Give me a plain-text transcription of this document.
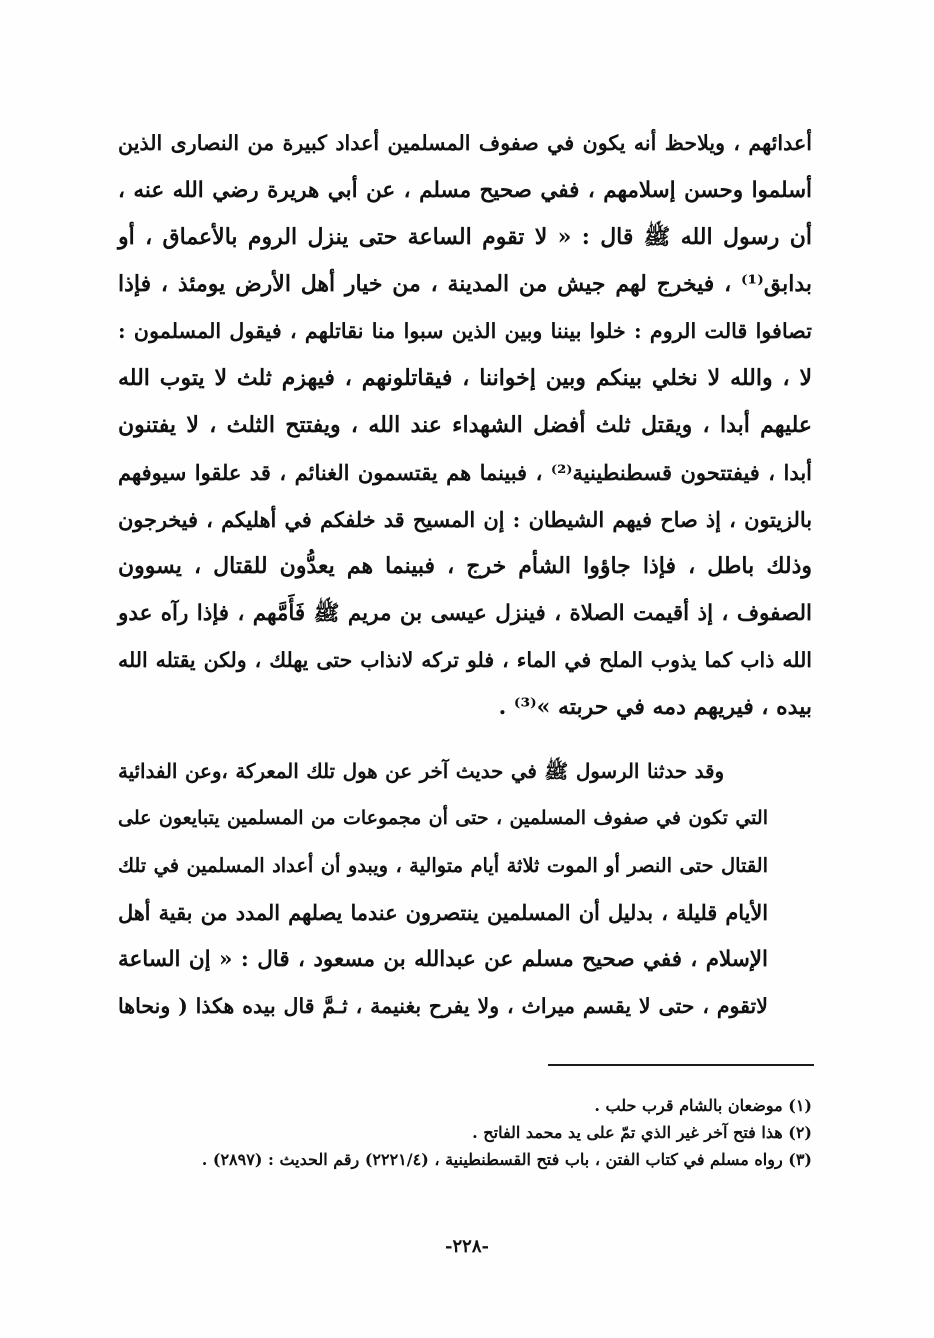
أعدائهم ، ويلاحظ أنه يكون في صفوف المسلمين أعداد كبيرة من النصارى الذين
أسلموا وحسن إسلامهم ، ففي صحيح مسلم ، عن أبي هريرة رضي الله عنه ،
أن رسول الله ﷺ قال : « لا تقوم الساعة حتى ينزل الروم بالأعماق ، أو
بدابق⁽¹⁾ ، فيخرج لهم جيش من المدينة ، من خيار أهل الأرض يومئذ ، فإذا
تصافوا قالت الروم : خلوا بيننا وبين الذين سبوا منا نقاتلهم ، فيقول المسلمون :
لا ، والله لا نخلي بينكم وبين إخواننا ، فيقاتلونهم ، فيهزم ثلث لا يتوب الله
عليهم أبدا ، ويقتل ثلث أفضل الشهداء عند الله ، ويفتتح الثلث ، لا يفتنون
أبدا ، فيفتتحون قسطنطينية⁽²⁾ ، فبينما هم يقتسمون الغنائم ، قد علقوا سيوفهم
بالزيتون ، إذ صاح فيهم الشيطان : إن المسيح قد خلفكم في أهليكم ، فيخرجون
وذلك باطل ، فإذا جاؤوا الشأم خرج ، فبينما هم يعدُّون للقتال ، يسوون
الصفوف ، إذ أقيمت الصلاة ، فينزل عيسى بن مريم ﷺ فَأَمَّهم ، فإذا رآه عدو
الله ذاب كما يذوب الملح في الماء ، فلو تركه لانذاب حتى يهلك ، ولكن يقتله الله
بيده ، فيريهم دمه في حربته »⁽³⁾ .
وقد حدثنا الرسول ﷺ في حديث آخر عن هول تلك المعركة ،وعن الفدائية
التي تكون في صفوف المسلمين ، حتى أن مجموعات من المسلمين يتبايعون على
القتال حتى النصر أو الموت ثلاثة أيام متوالية ، ويبدو أن أعداد المسلمين في تلك
الأيام قليلة ، بدليل أن المسلمين ينتصرون عندما يصلهم المدد من بقية أهل
الإسلام ، ففي صحيح مسلم عن عبدالله بن مسعود ، قال : « إن الساعة
لاتقوم ، حتى لا يقسم ميراث ، ولا يفرح بغنيمة ، ثـمَّ قال بيده هكذا ( ونحاها
(١) موضعان بالشام قرب حلب .
(٢) هذا فتح آخر غير الذي تمّ على يد محمد الفاتح .
(٣) رواه مسلم في كتاب الفتن ، باب فتح القسطنطينية ، (٢٢٢١/٤) رقم الحديث : (٢٨٩٧) .
-٢٢٨-
